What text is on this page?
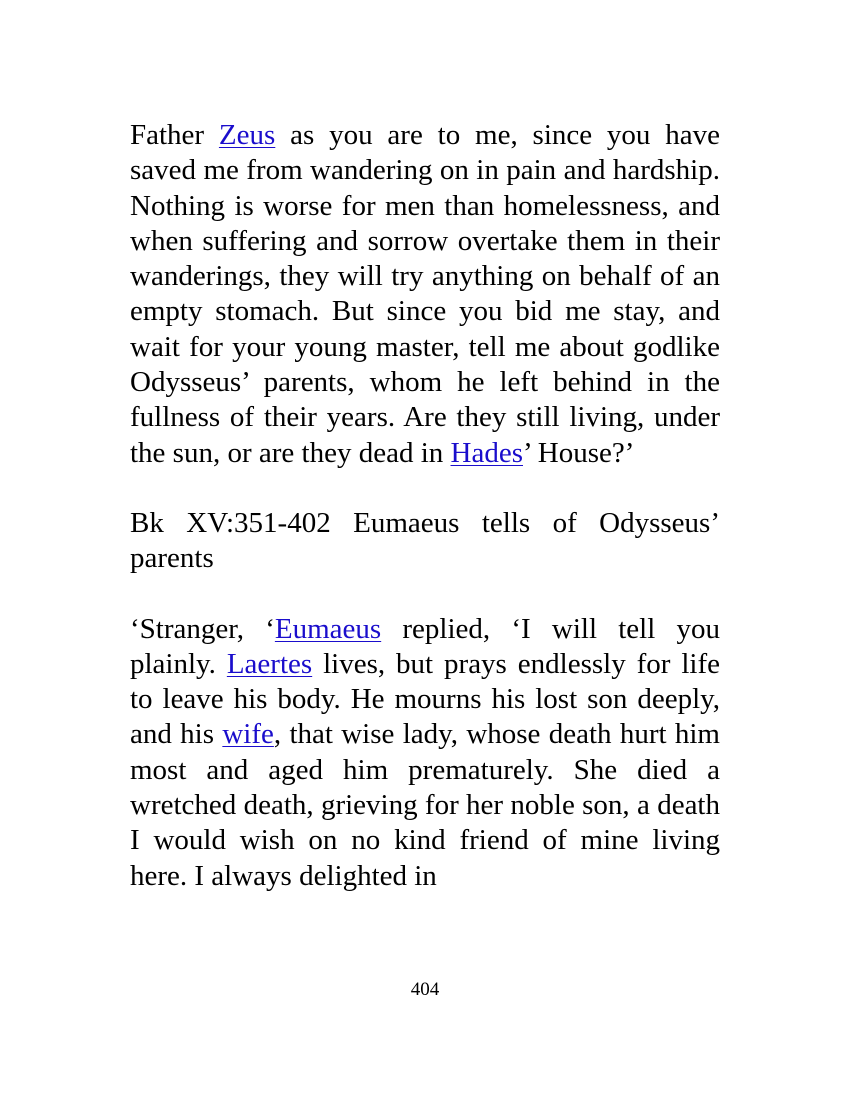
Father Zeus as you are to me, since you have saved me from wandering on in pain and hardship. Nothing is worse for men than homelessness, and when suffering and sorrow overtake them in their wanderings, they will try anything on behalf of an empty stomach. But since you bid me stay, and wait for your young master, tell me about godlike Odysseus’ parents, whom he left behind in the fullness of their years. Are they still living, under the sun, or are they dead in Hades’ House?’

Bk XV:351-402 Eumaeus tells of Odysseus’ parents

‘Stranger, ‘Eumaeus replied, ‘I will tell you plainly. Laertes lives, but prays endlessly for life to leave his body. He mourns his lost son deeply, and his wife, that wise lady, whose death hurt him most and aged him prematurely. She died a wretched death, grieving for her noble son, a death I would wish on no kind friend of mine living here. I always delighted in

404
